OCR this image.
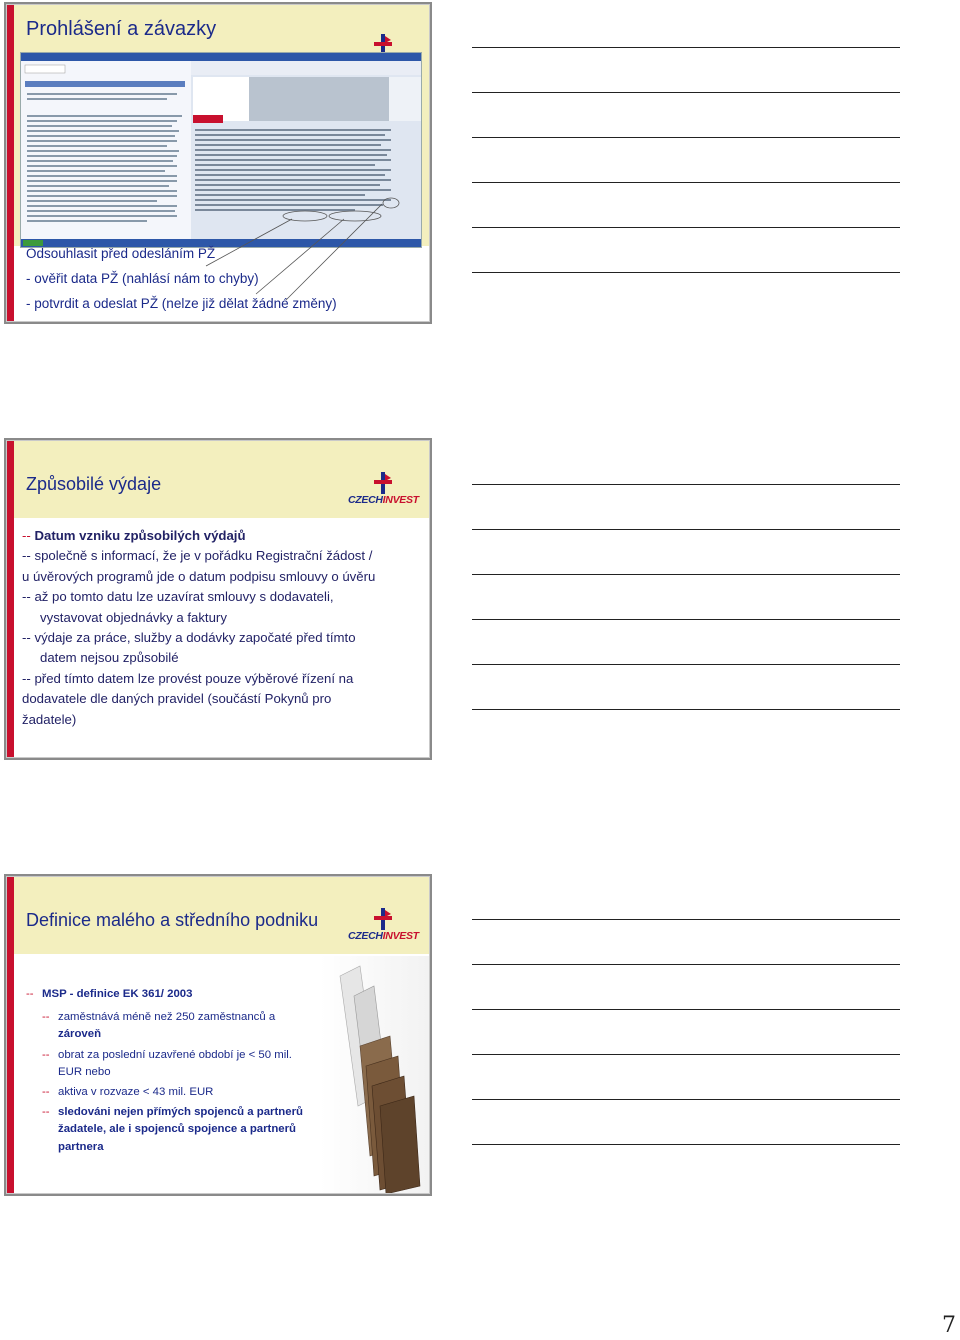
Prohlášení a závazky
Odsouhlasit před odesláním PŽ
- ověřit data PŽ (nahlásí nám to chyby)
- potvrdit a odeslat PŽ (nelze již dělat žádné změny)
Způsobilé výdaje
CZECHINVEST
-- Datum vzniku způsobilých výdajů
-- společně s informací, že je v pořádku Registrační žádost /
u úvěrových programů jde o datum podpisu smlouvy o úvěru
-- až po tomto datu lze uzavírat smlouvy s dodavateli,
vystavovat objednávky a faktury
-- výdaje za práce, služby a dodávky započaté před tímto
datem nejsou způsobilé
-- před tímto datem lze provést pouze výběrové řízení na
dodavatele dle daných pravidel (součástí Pokynů pro
žadatele)
Definice malého a středního podniku
CZECHINVEST
-- MSP - definice EK 361/ 2003
-- zaměstnává méně než 250 zaměstnanců a
zároveň
-- obrat za poslední uzavřené období je < 50 mil.
EUR nebo
-- aktiva v rozvaze < 43 mil. EUR
-- sledováni nejen přímých spojenců a partnerů
žadatele, ale i spojenců spojence a partnerů
partnera
7
